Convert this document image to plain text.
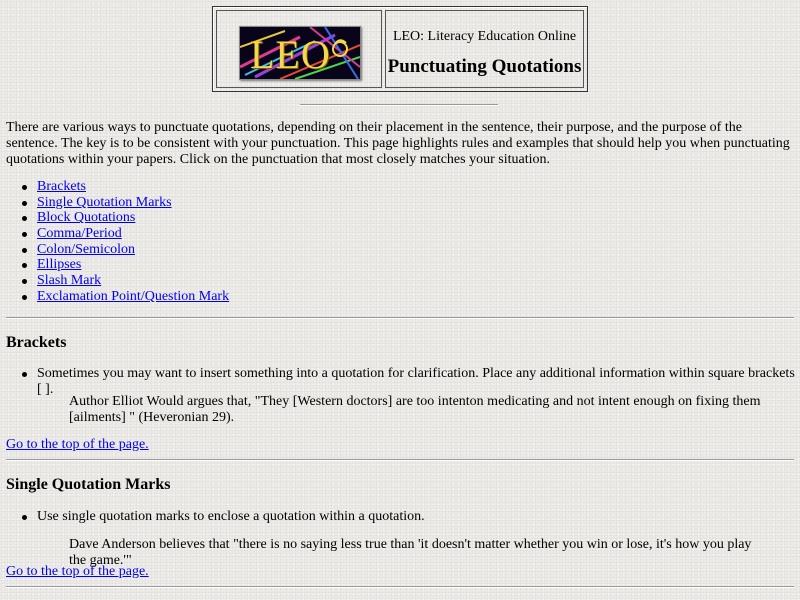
LEO	LEO: Literacy Education Online
Punctuating Quotations
There are various ways to punctuate quotations, depending on their placement in the sentence, their purpose, and the purpose of the sentence. The key is to be consistent with your punctuation. This page highlights rules and examples that should help you when punctuating quotations within your papers. Click on the punctuation that most closely matches your situation.
Brackets
Single Quotation Marks
Block Quotations
Comma/Period
Colon/Semicolon
Ellipses
Slash Mark
Exclamation Point/Question Mark
Brackets
Sometimes you may want to insert something into a quotation for clarification. Place any additional information within square brackets [ ].
Author Elliot Would argues that, "They [Western doctors] are too intenton medicating and not intent enough on fixing them [ailments] " (Heveronian 29).
Go to the top of the page.
Single Quotation Marks
Use single quotation marks to enclose a quotation within a quotation.
Dave Anderson believes that "there is no saying less true than 'it doesn't matter whether you win or lose, it's how you play the game.'"
Go to the top of the page.
